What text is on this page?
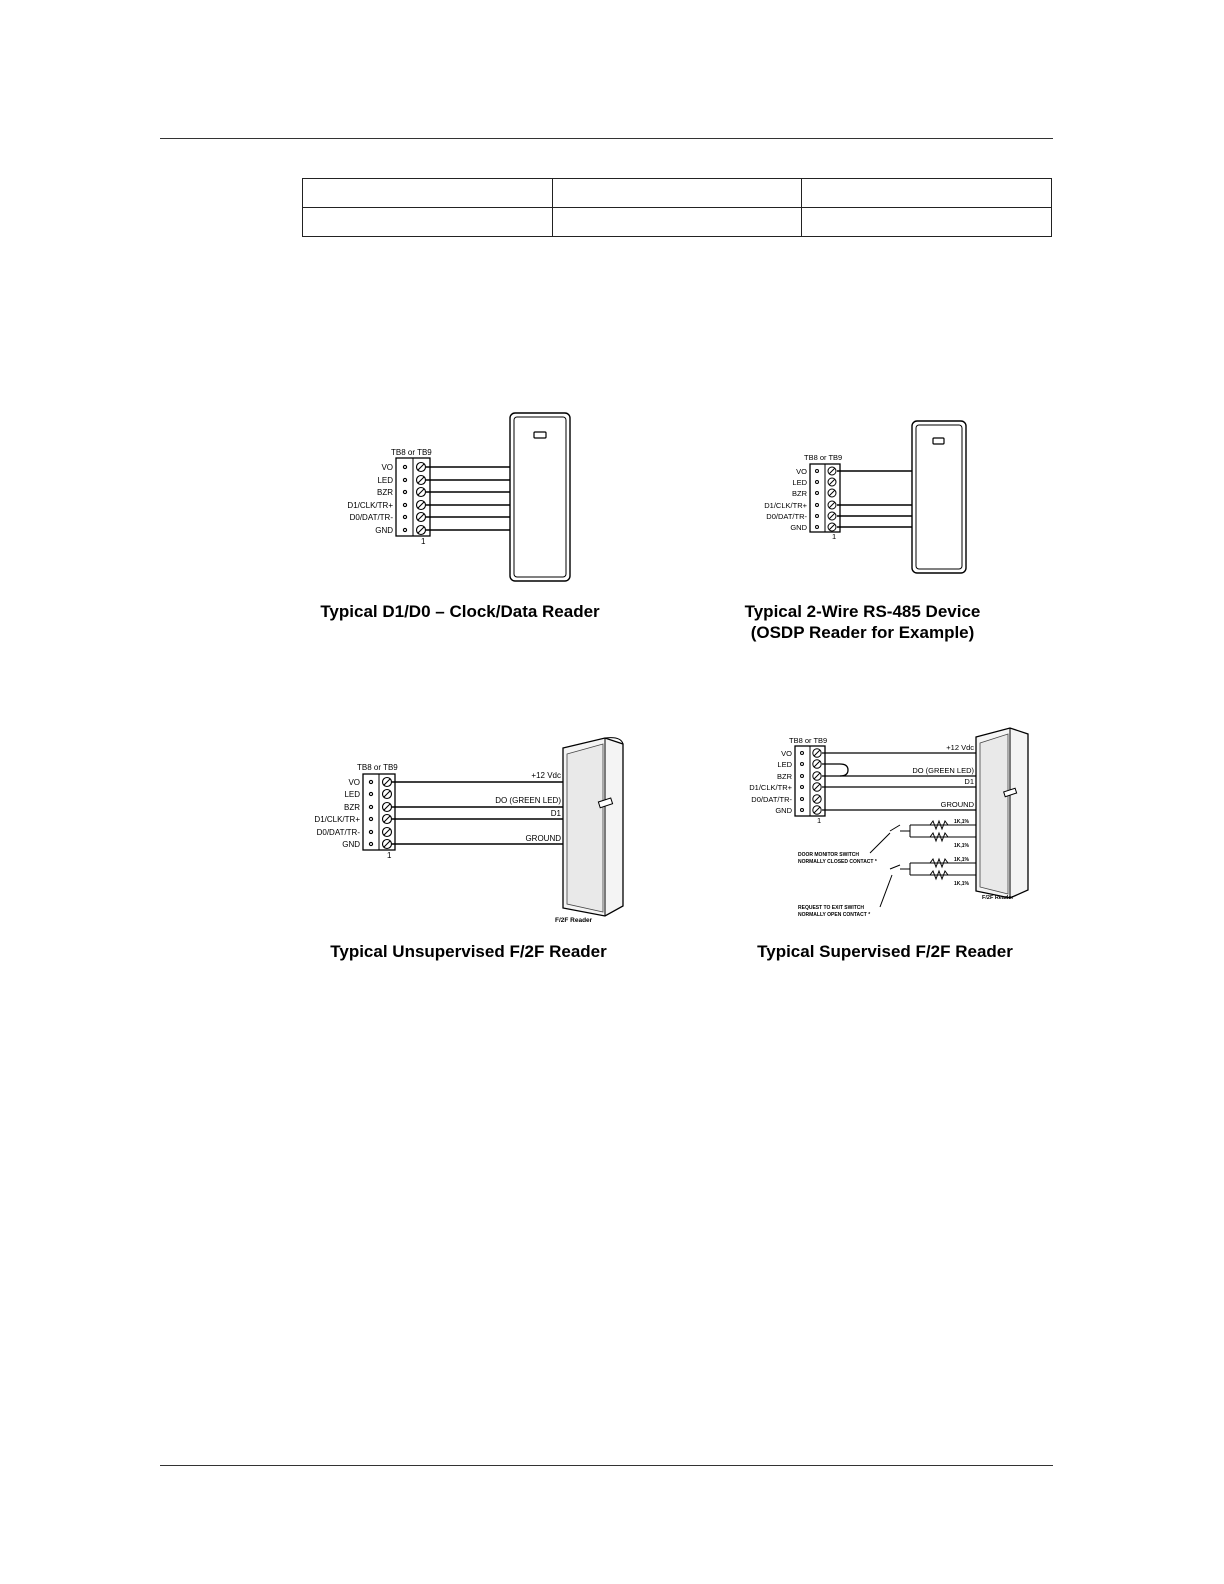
TB8 or TB9
VO
LED
BZR
D1/CLK/TR+
D0/DAT/TR-
GND
1
Typical D1/D0 – Clock/Data Reader
TB8 or TB9
VO
LED
BZR
D1/CLK/TR+
D0/DAT/TR-
GND
1
Typical 2-Wire RS-485 Device
(OSDP Reader for Example)
TB8 or TB9
VO
LED
BZR
D1/CLK/TR+
D0/DAT/TR-
GND
1
+12 Vdc
DO (GREEN LED)
D1
GROUND
F/2F Reader
Typical Unsupervised F/2F Reader
TB8 or TB9
VO
LED
BZR
D1/CLK/TR+
D0/DAT/TR-
GND
1
+12 Vdc
DO (GREEN LED)
D1
GROUND
1K,1%
1K,1%
1K,1%
1K,1%
DOOR MONITOR SWITCH
NORMALLY CLOSED CONTACT *
REQUEST TO EXIT SWITCH
NORMALLY OPEN CONTACT *
F/2F Reader
Typical Supervised F/2F Reader
